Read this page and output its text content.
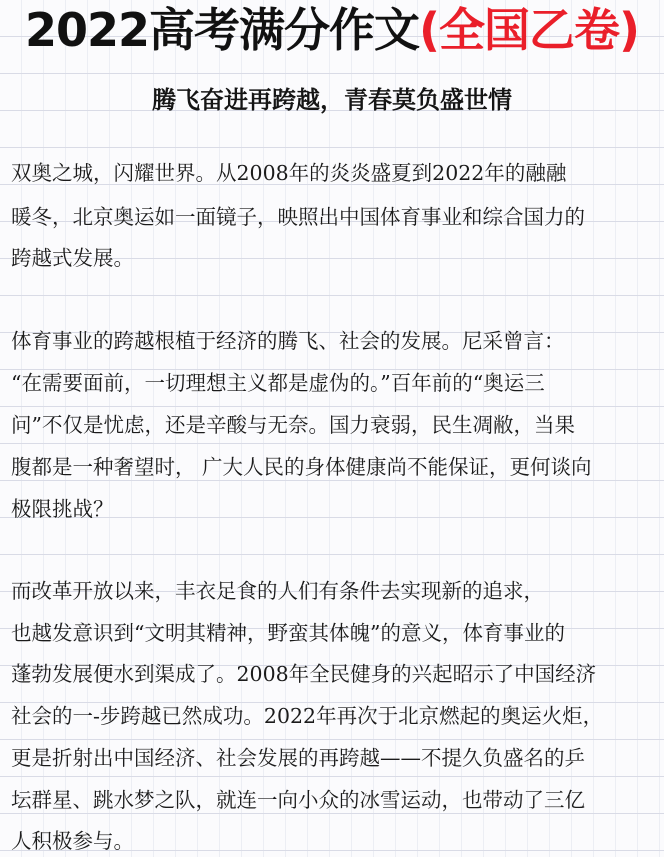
2022高考满分作文(全国乙卷)
腾飞奋进再跨越，青春莫负盛世情
双奥之城，闪耀世界。从2008年的炎炎盛夏到2022年的融融
暖冬，北京奥运如一面镜子，映照出中国体育事业和综合国力的
跨越式发展。
体育事业的跨越根植于经济的腾飞、社会的发展。尼采曾言：
“在需要面前，一切理想主义都是虚伪的。”百年前的“奥运三
问”不仅是忧虑，还是辛酸与无奈。国力衰弱，民生凋敝，当果
腹都是一种奢望时， 广大人民的身体健康尚不能保证，更何谈向
极限挑战？
而改革开放以来，丰衣足食的人们有条件去实现新的追求，
也越发意识到“文明其精神，野蛮其体魄”的意义，体育事业的
蓬勃发展便水到渠成了。2008年全民健身的兴起昭示了中国经济
社会的一-步跨越已然成功。2022年再次于北京燃起的奥运火炬，
更是折射出中国经济、社会发展的再跨越——不提久负盛名的乒
坛群星、跳水梦之队，就连一向小众的冰雪运动，也带动了三亿
人积极参与。
